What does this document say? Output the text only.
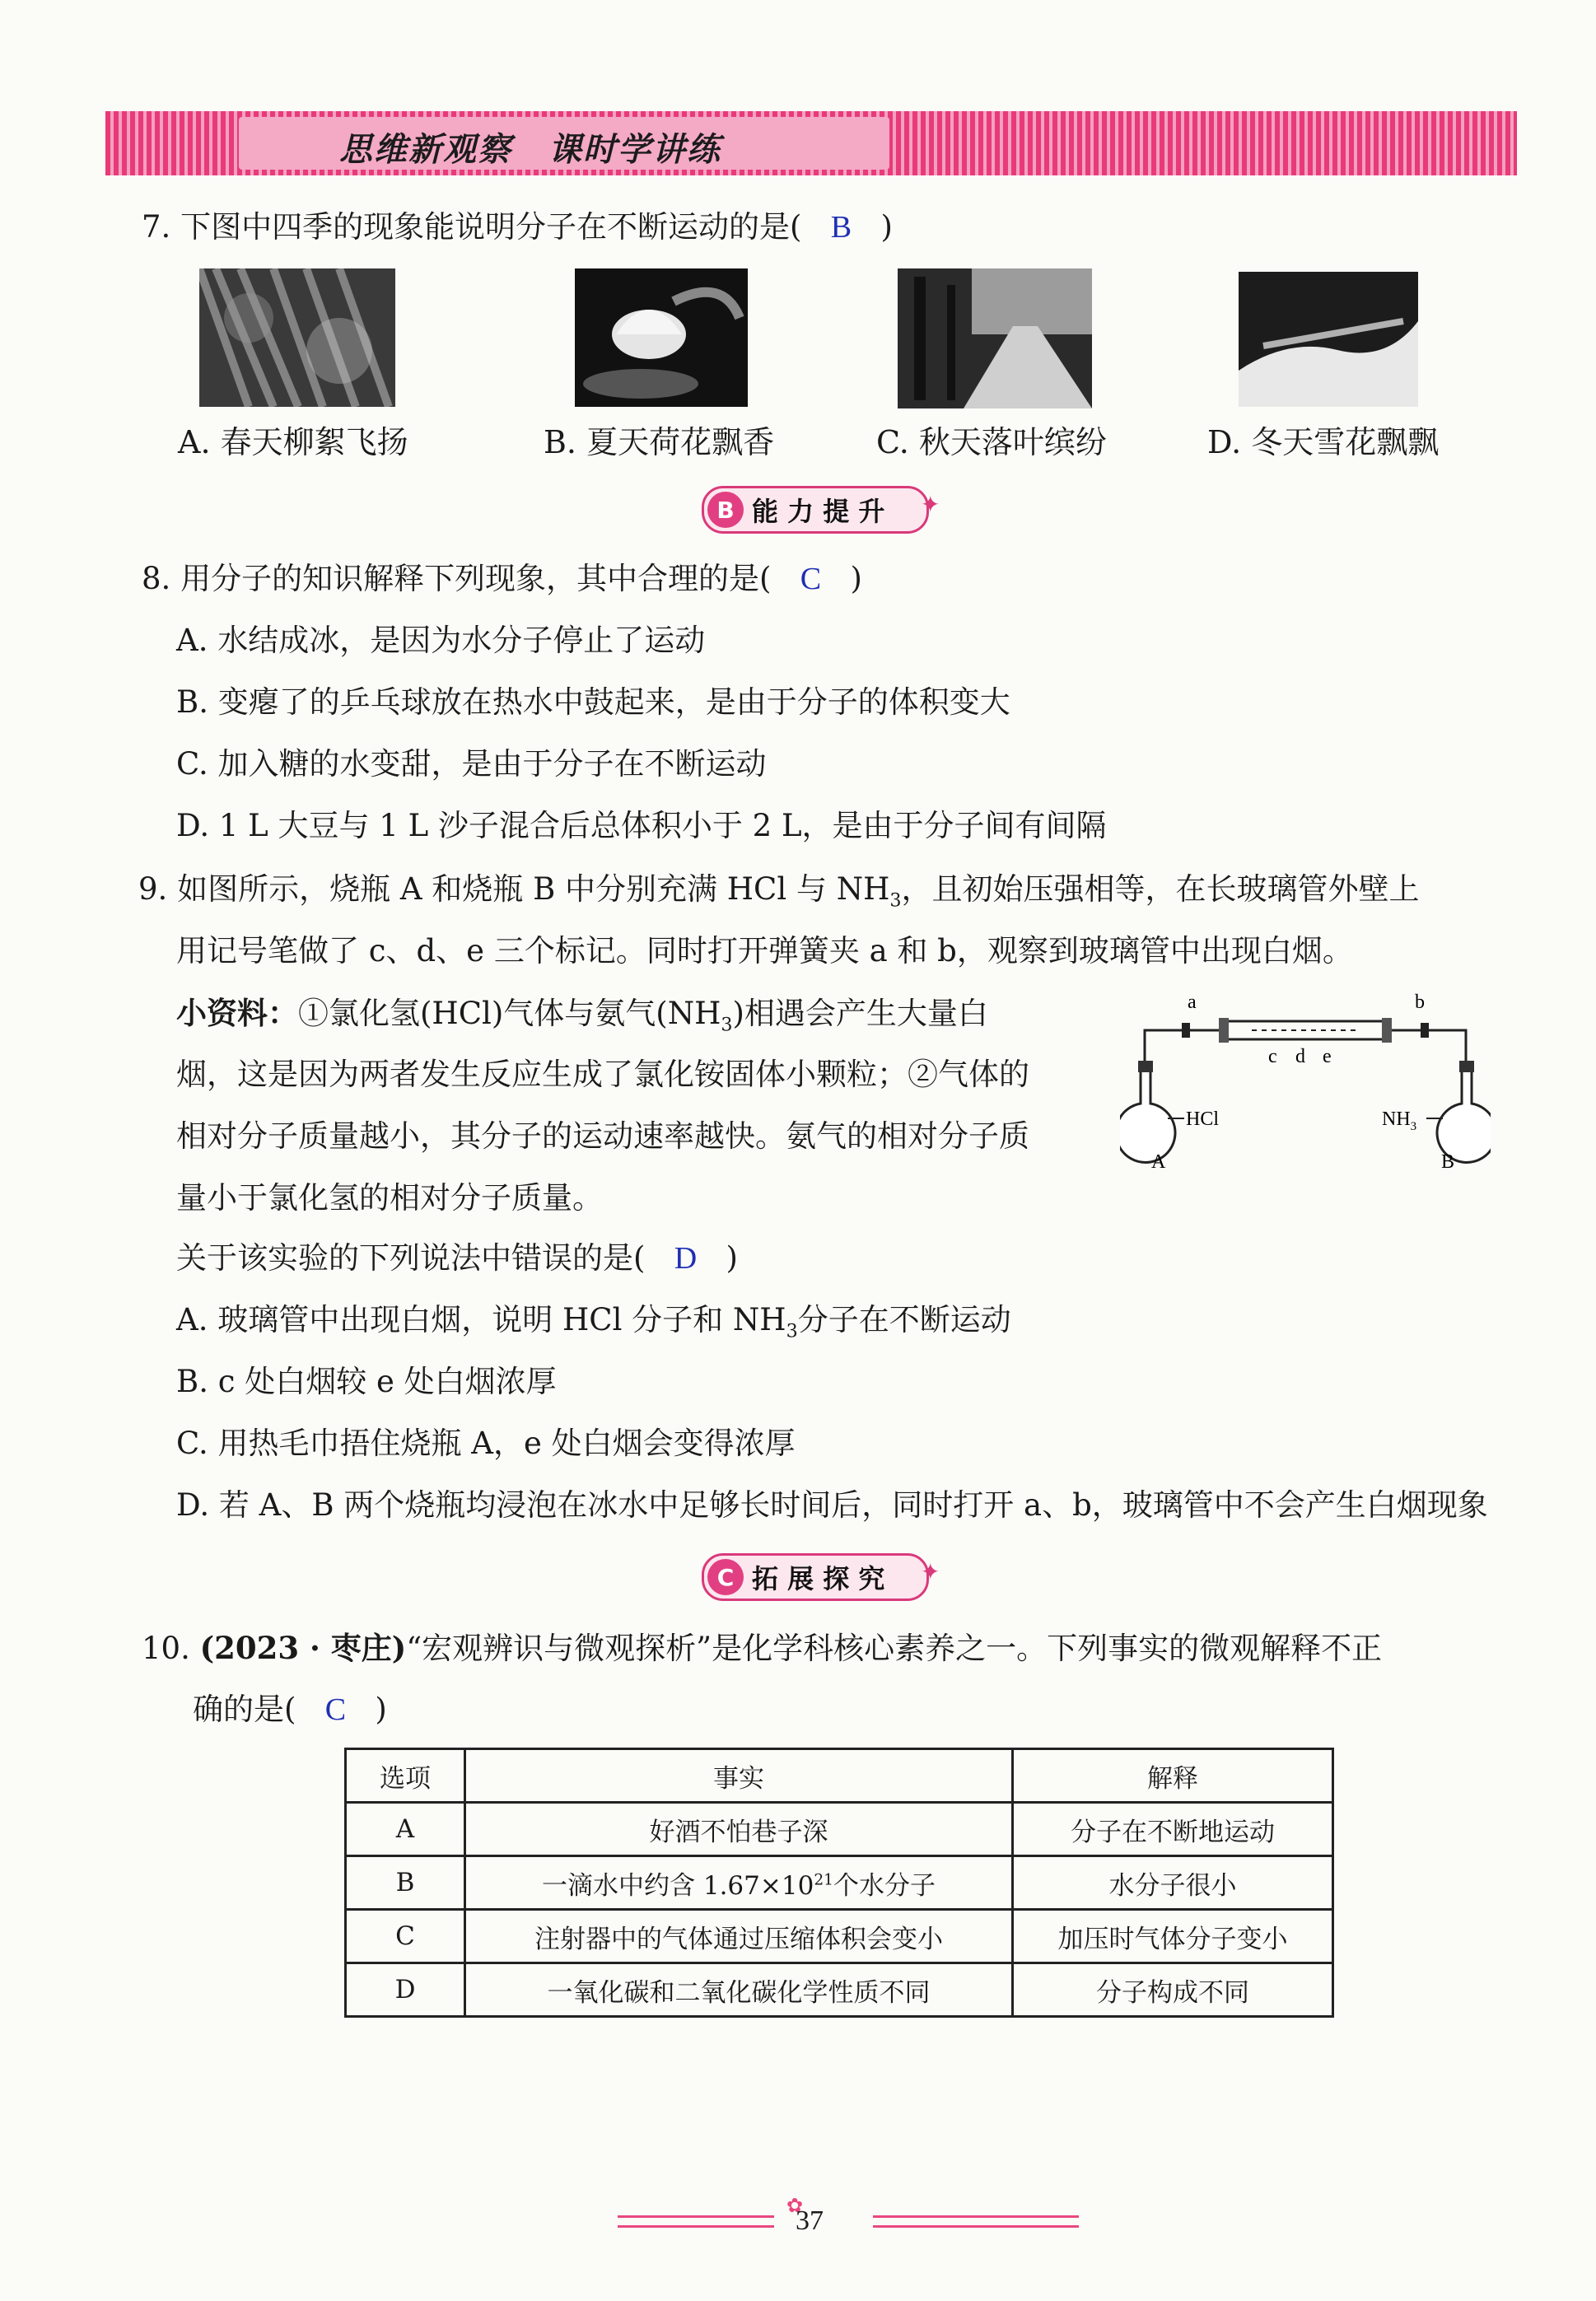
思维新观察 课时学讲练
7. 下图中四季的现象能说明分子在不断运动的是( B )
A. 春天柳絮飞扬	B. 夏天荷花飘香	C. 秋天落叶缤纷	D. 冬天雪花飘飘
B 能 力 提 升 ✦
8. 用分子的知识解释下列现象，其中合理的是( C )
A. 水结成冰，是因为水分子停止了运动
B. 变瘪了的乒乓球放在热水中鼓起来，是由于分子的体积变大
C. 加入糖的水变甜，是由于分子在不断运动
D. 1 L 大豆与 1 L 沙子混合后总体积小于 2 L，是由于分子间有间隔
9. 如图所示，烧瓶 A 和烧瓶 B 中分别充满 HCl 与 $NH_3$，且初始压强相等，在长玻璃管外壁上
用记号笔做了 c、d、e 三个标记。同时打开弹簧夹 a 和 b，观察到玻璃管中出现白烟。
小资料：①氯化氢(HCl)气体与氨气$(NH_3)$相遇会产生大量白
烟，这是因为两者发生反应生成了氯化铵固体小颗粒；②气体的
相对分子质量越小，其分子的运动速率越快。氨气的相对分子质
量小于氯化氢的相对分子质量。
a	b
c d e
HCl	$NH_3$
A	B
关于该实验的下列说法中错误的是( D )
A. 玻璃管中出现白烟，说明 HCl 分子和 $NH_3$分子在不断运动
B. c 处白烟较 e 处白烟浓厚
C. 用热毛巾捂住烧瓶 A，e 处白烟会变得浓厚
D. 若 A、B 两个烧瓶均浸泡在冰水中足够长时间后，同时打开 a、b，玻璃管中不会产生白烟现象
C 拓 展 探 究 ✦
10. (2023 · 枣庄)“宏观辨识与微观探析”是化学科核心素养之一。下列事实的微观解释不正
确的是( C )
选项	事实	解释
A	好酒不怕巷子深	分子在不断地运动
B	一滴水中约含 $1.67\times 10^{21}$个水分子	水分子很小
C	注射器中的气体通过压缩体积会变小	加压时气体分子变小
D	一氧化碳和二氧化碳化学性质不同	分子构成不同
✿
37
